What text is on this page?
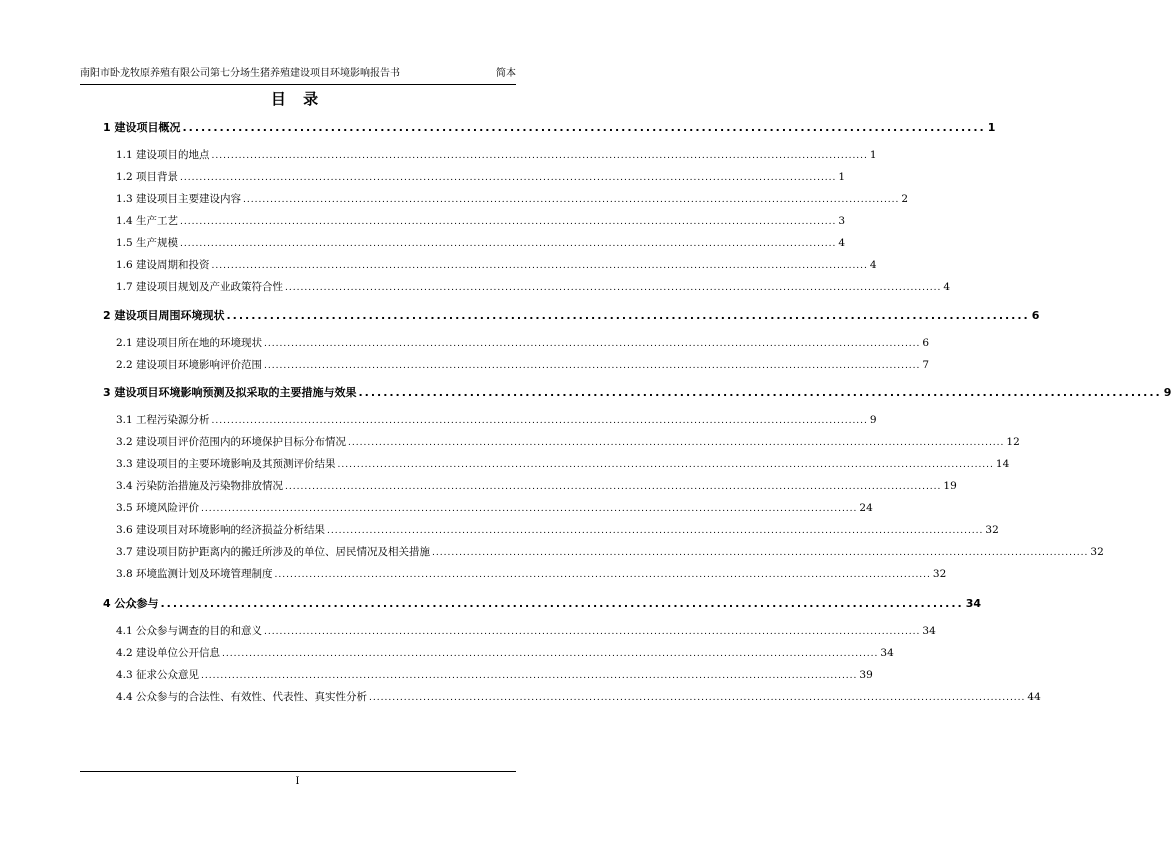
南阳市卧龙牧原养殖有限公司第七分场生猪养殖建设项目环境影响报告书	简本
目 录
1 建设项目概况 .................................................................................................................................. 1
1.1 建设项目的地点 .......................................................................................................................................................................... 1
1.2 项目背景 .......................................................................................................................................................................... 1
1.3 建设项目主要建设内容 .......................................................................................................................................................................... 2
1.4 生产工艺 .......................................................................................................................................................................... 3
1.5 生产规模 .......................................................................................................................................................................... 4
1.6 建设周期和投资 .......................................................................................................................................................................... 4
1.7 建设项目规划及产业政策符合性 .......................................................................................................................................................................... 4
2 建设项目周围环境现状 .................................................................................................................................. 6
2.1 建设项目所在地的环境现状 .......................................................................................................................................................................... 6
2.2 建设项目环境影响评价范围 .......................................................................................................................................................................... 7
3 建设项目环境影响预测及拟采取的主要措施与效果 .................................................................................................................................. 9
3.1 工程污染源分析 .......................................................................................................................................................................... 9
3.2 建设项目评价范围内的环境保护目标分布情况 .......................................................................................................................................................................... 12
3.3 建设项目的主要环境影响及其预测评价结果 .......................................................................................................................................................................... 14
3.4 污染防治措施及污染物排放情况 .......................................................................................................................................................................... 19
3.5 环境风险评价 .......................................................................................................................................................................... 24
3.6 建设项目对环境影响的经济损益分析结果 .......................................................................................................................................................................... 32
3.7 建设项目防护距离内的搬迁所涉及的单位、居民情况及相关措施 .......................................................................................................................................................................... 32
3.8 环境监测计划及环境管理制度 .......................................................................................................................................................................... 32
4 公众参与 .................................................................................................................................. 34
4.1 公众参与调查的目的和意义 .......................................................................................................................................................................... 34
4.2 建设单位公开信息 .......................................................................................................................................................................... 34
4.3 征求公众意见 .......................................................................................................................................................................... 39
4.4 公众参与的合法性、有效性、代表性、真实性分析 .......................................................................................................................................................................... 44
I
